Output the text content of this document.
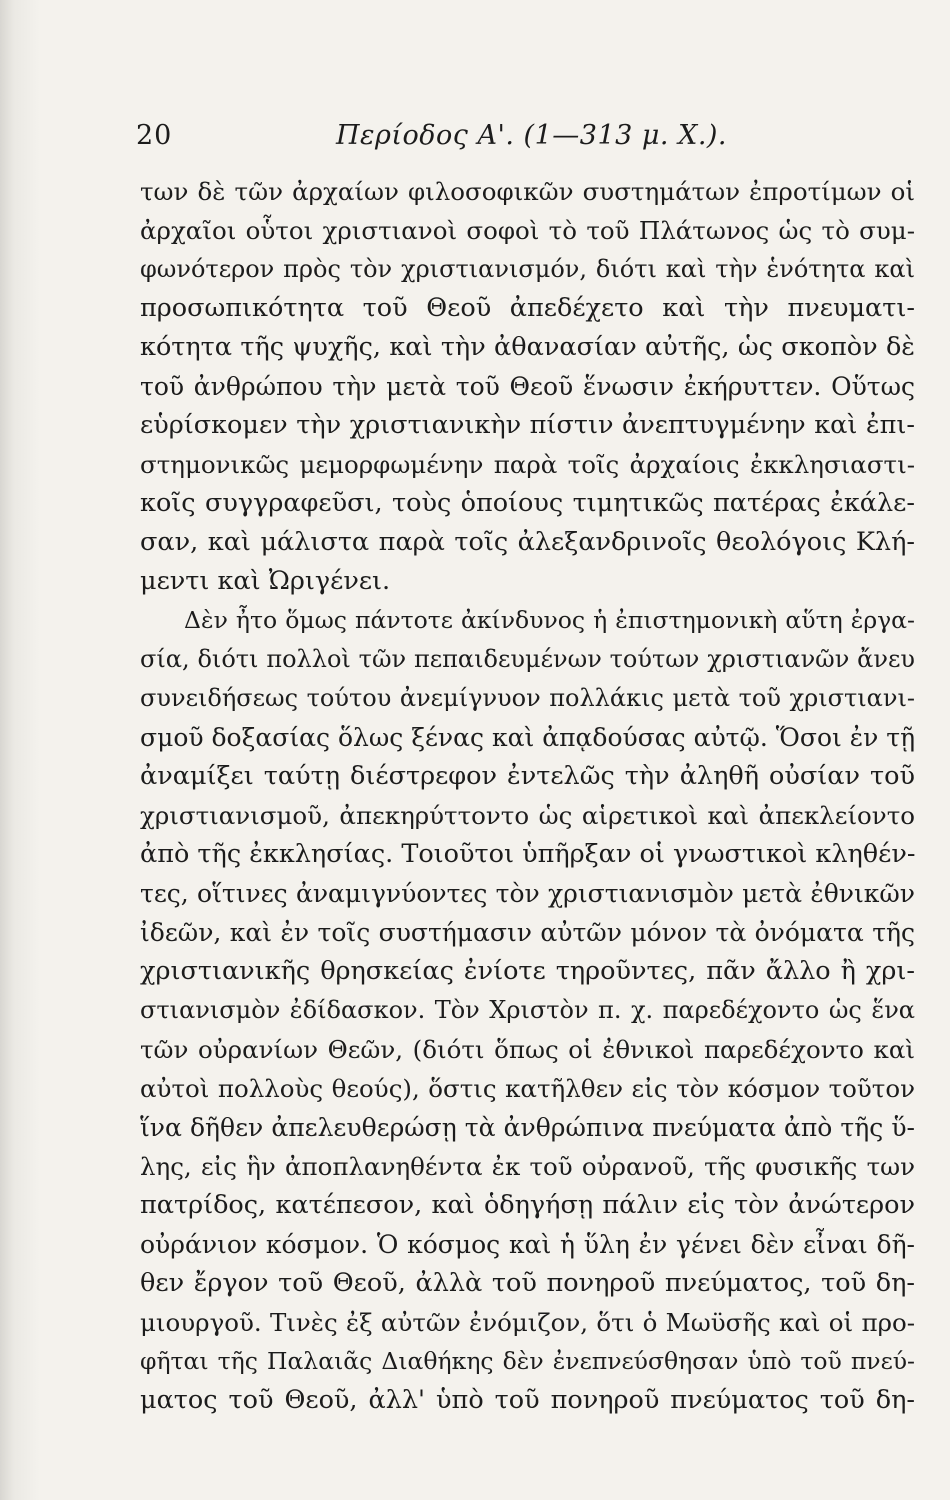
20	Περίοδος Α'. (1—313 μ. Χ.).
των δὲ τῶν ἀρχαίων φιλοσοφικῶν συστημάτων ἐπροτίμων οἱ
ἀρχαῖοι οὗτοι χριστιανοὶ σοφοὶ τὸ τοῦ Πλάτωνος ὡς τὸ συμ-
φωνότερον πρὸς τὸν χριστιανισμόν, διότι καὶ τὴν ἑνότητα καὶ
προσωπικότητα τοῦ Θεοῦ ἀπεδέχετο καὶ τὴν πνευματι-
κότητα τῆς ψυχῆς, καὶ τὴν ἀθανασίαν αὐτῆς, ὡς σκοπὸν δὲ
τοῦ ἀνθρώπου τὴν μετὰ τοῦ Θεοῦ ἕνωσιν ἐκήρυττεν. Οὕτως
εὑρίσκομεν τὴν χριστιανικὴν πίστιν ἀνεπτυγμένην καὶ ἐπι-
στημονικῶς μεμορφωμένην παρὰ τοῖς ἀρχαίοις ἐκκλησιαστι-
κοῖς συγγραφεῦσι, τοὺς ὁποίους τιμητικῶς πατέρας ἐκάλε-
σαν, καὶ μάλιστα παρὰ τοῖς ἀλεξανδρινοῖς θεολόγοις Κλή-
μεντι καὶ Ὠριγένει.
Δὲν ἦτο ὅμως πάντοτε ἀκίνδυνος ἡ ἐπιστημονικὴ αὕτη ἐργα-
σία, διότι πολλοὶ τῶν πεπαιδευμένων τούτων χριστιανῶν ἄνευ
συνειδήσεως τούτου ἀνεμίγνυον πολλάκις μετὰ τοῦ χριστιανι-
σμοῦ δοξασίας ὅλως ξένας καὶ ἀπᾳδούσας αὐτῷ. Ὅσοι ἐν τῇ
ἀναμίξει ταύτῃ διέστρεφον ἐντελῶς τὴν ἀληθῆ οὐσίαν τοῦ
χριστιανισμοῦ, ἀπεκηρύττοντο ὡς αἱρετικοὶ καὶ ἀπεκλείοντο
ἀπὸ τῆς ἐκκλησίας. Τοιοῦτοι ὑπῆρξαν οἱ γνωστικοὶ κληθέν-
τες, οἵτινες ἀναμιγνύοντες τὸν χριστιανισμὸν μετὰ ἐθνικῶν
ἰδεῶν, καὶ ἐν τοῖς συστήμασιν αὐτῶν μόνον τὰ ὀνόματα τῆς
χριστιανικῆς θρησκείας ἐνίοτε τηροῦντες, πᾶν ἄλλο ἢ χρι-
στιανισμὸν ἐδίδασκον. Τὸν Χριστὸν π. χ. παρεδέχοντο ὡς ἕνα
τῶν οὐρανίων Θεῶν, (διότι ὅπως οἱ ἐθνικοὶ παρεδέχοντο καὶ
αὐτοὶ πολλοὺς θεούς), ὅστις κατῆλθεν εἰς τὸν κόσμον τοῦτον
ἵνα δῆθεν ἀπελευθερώσῃ τὰ ἀνθρώπινα πνεύματα ἀπὸ τῆς ὕ-
λης, εἰς ἣν ἀποπλανηθέντα ἐκ τοῦ οὐρανοῦ, τῆς φυσικῆς των
πατρίδος, κατέπεσον, καὶ ὁδηγήσῃ πάλιν εἰς τὸν ἀνώτερον
οὐράνιον κόσμον. Ὁ κόσμος καὶ ἡ ὕλη ἐν γένει δὲν εἶναι δῆ-
θεν ἔργον τοῦ Θεοῦ, ἀλλὰ τοῦ πονηροῦ πνεύματος, τοῦ δη-
μιουργοῦ. Τινὲς ἐξ αὐτῶν ἐνόμιζον, ὅτι ὁ Μωϋσῆς καὶ οἱ προ-
φῆται τῆς Παλαιᾶς Διαθήκης δὲν ἐνεπνεύσθησαν ὑπὸ τοῦ πνεύ-
ματος τοῦ Θεοῦ, ἀλλ' ὑπὸ τοῦ πονηροῦ πνεύματος τοῦ δη-
